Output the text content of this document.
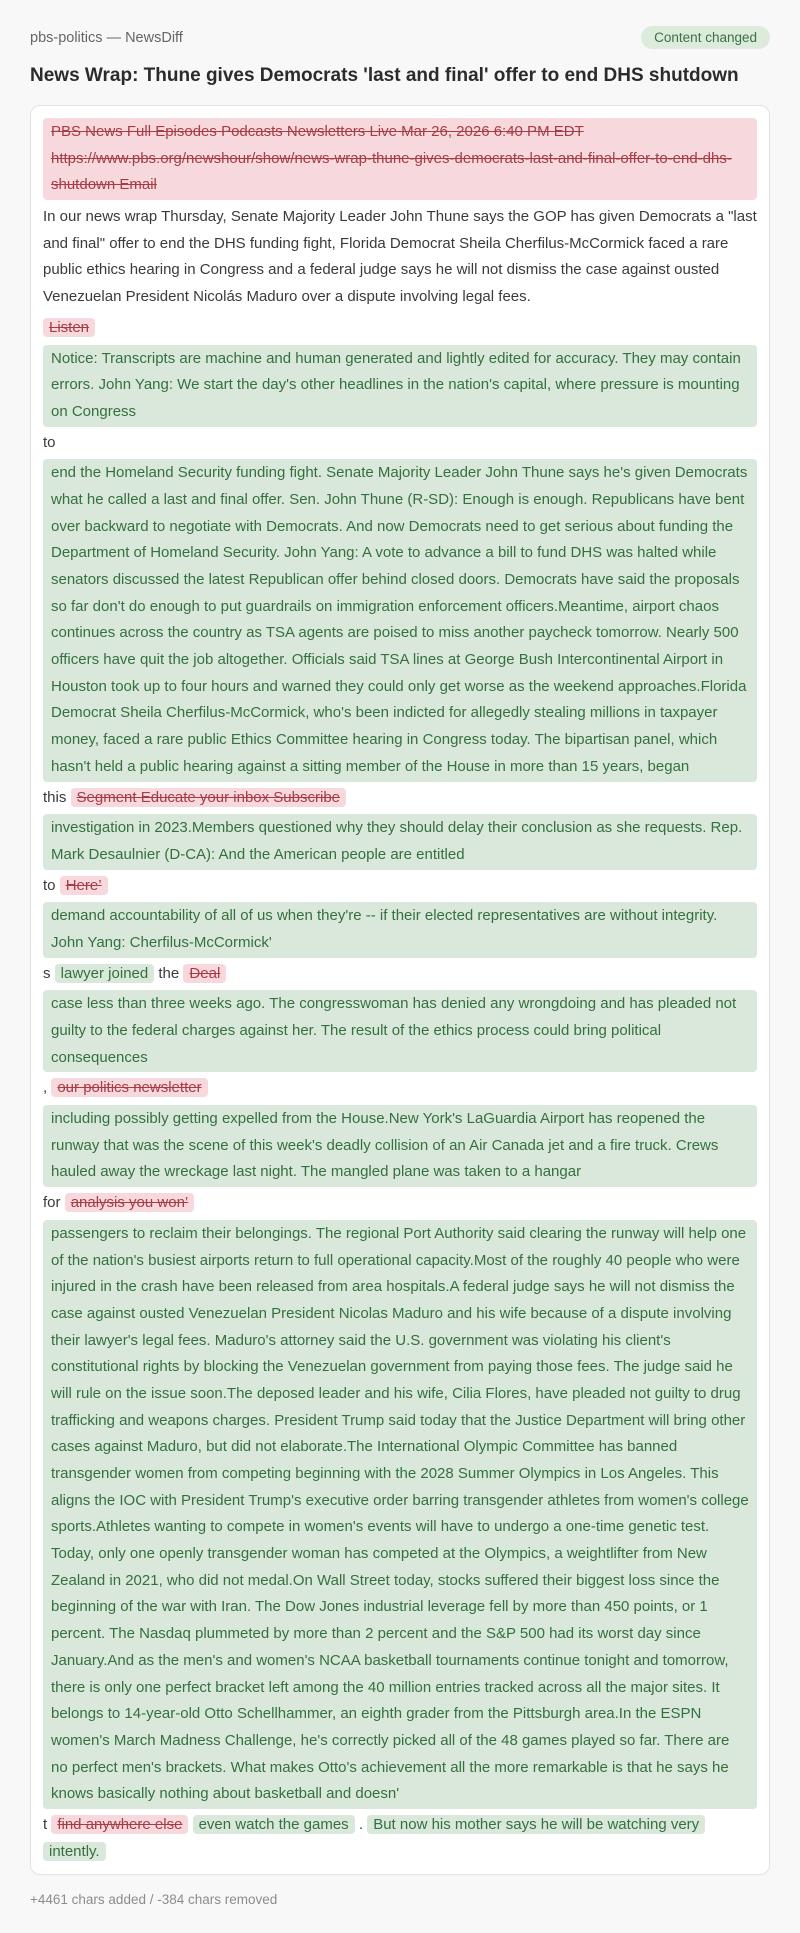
pbs-politics — NewsDiff	Content changed
News Wrap: Thune gives Democrats 'last and final' offer to end DHS shutdown
PBS News Full Episodes Podcasts Newsletters Live Mar 26, 2026 6:40 PM EDT https://www.pbs.org/newshour/show/news-wrap-thune-gives-democrats-last-and-final-offer-to-end-dhs-shutdown Email
In our news wrap Thursday, Senate Majority Leader John Thune says the GOP has given Democrats a "last and final" offer to end the DHS funding fight, Florida Democrat Sheila Cherfilus-McCormick faced a rare public ethics hearing in Congress and a federal judge says he will not dismiss the case against ousted Venezuelan President Nicolás Maduro over a dispute involving legal fees.
Listen
Notice: Transcripts are machine and human generated and lightly edited for accuracy. They may contain errors. John Yang: We start the day's other headlines in the nation's capital, where pressure is mounting on Congress
to
end the Homeland Security funding fight. Senate Majority Leader John Thune says he's given Democrats what he called a last and final offer. Sen. John Thune (R-SD): Enough is enough. Republicans have bent over backward to negotiate with Democrats. And now Democrats need to get serious about funding the Department of Homeland Security. John Yang: A vote to advance a bill to fund DHS was halted while senators discussed the latest Republican offer behind closed doors. Democrats have said the proposals so far don't do enough to put guardrails on immigration enforcement officers.Meantime, airport chaos continues across the country as TSA agents are poised to miss another paycheck tomorrow. Nearly 500 officers have quit the job altogether. Officials said TSA lines at George Bush Intercontinental Airport in Houston took up to four hours and warned they could only get worse as the weekend approaches.Florida Democrat Sheila Cherfilus-McCormick, who's been indicted for allegedly stealing millions in taxpayer money, faced a rare public Ethics Committee hearing in Congress today. The bipartisan panel, which hasn't held a public hearing against a sitting member of the House in more than 15 years, began
this Segment Educate your inbox Subscribe
investigation in 2023.Members questioned why they should delay their conclusion as she requests. Rep. Mark Desaulnier (D-CA): And the American people are entitled
to Here’
demand accountability of all of us when they're -- if their elected representatives are without integrity. John Yang: Cherfilus-McCormick'
s lawyer joined the Deal
case less than three weeks ago. The congresswoman has denied any wrongdoing and has pleaded not guilty to the federal charges against her. The result of the ethics process could bring political consequences
, our politics newsletter
including possibly getting expelled from the House.New York's LaGuardia Airport has reopened the runway that was the scene of this week's deadly collision of an Air Canada jet and a fire truck. Crews hauled away the wreckage last night. The mangled plane was taken to a hangar
for analysis you won’
passengers to reclaim their belongings. The regional Port Authority said clearing the runway will help one of the nation's busiest airports return to full operational capacity.Most of the roughly 40 people who were injured in the crash have been released from area hospitals.A federal judge says he will not dismiss the case against ousted Venezuelan President Nicolas Maduro and his wife because of a dispute involving their lawyer's legal fees. Maduro's attorney said the U.S. government was violating his client's constitutional rights by blocking the Venezuelan government from paying those fees. The judge said he will rule on the issue soon.The deposed leader and his wife, Cilia Flores, have pleaded not guilty to drug trafficking and weapons charges. President Trump said today that the Justice Department will bring other cases against Maduro, but did not elaborate.The International Olympic Committee has banned transgender women from competing beginning with the 2028 Summer Olympics in Los Angeles. This aligns the IOC with President Trump's executive order barring transgender athletes from women's college sports.Athletes wanting to compete in women's events will have to undergo a one-time genetic test. Today, only one openly transgender woman has competed at the Olympics, a weightlifter from New Zealand in 2021, who did not medal.On Wall Street today, stocks suffered their biggest loss since the beginning of the war with Iran. The Dow Jones industrial leverage fell by more than 450 points, or 1 percent. The Nasdaq plummeted by more than 2 percent and the S&P 500 had its worst day since January.And as the men's and women's NCAA basketball tournaments continue tonight and tomorrow, there is only one perfect bracket left among the 40 million entries tracked across all the major sites. It belongs to 14-year-old Otto Schellhammer, an eighth grader from the Pittsburgh area.In the ESPN women's March Madness Challenge, he's correctly picked all of the 48 games played so far. There are no perfect men's brackets. What makes Otto's achievement all the more remarkable is that he says he knows basically nothing about basketball and doesn'
t find anywhere else even watch the games . But now his mother says he will be watching very intently.
+4461 chars added / -384 chars removed
